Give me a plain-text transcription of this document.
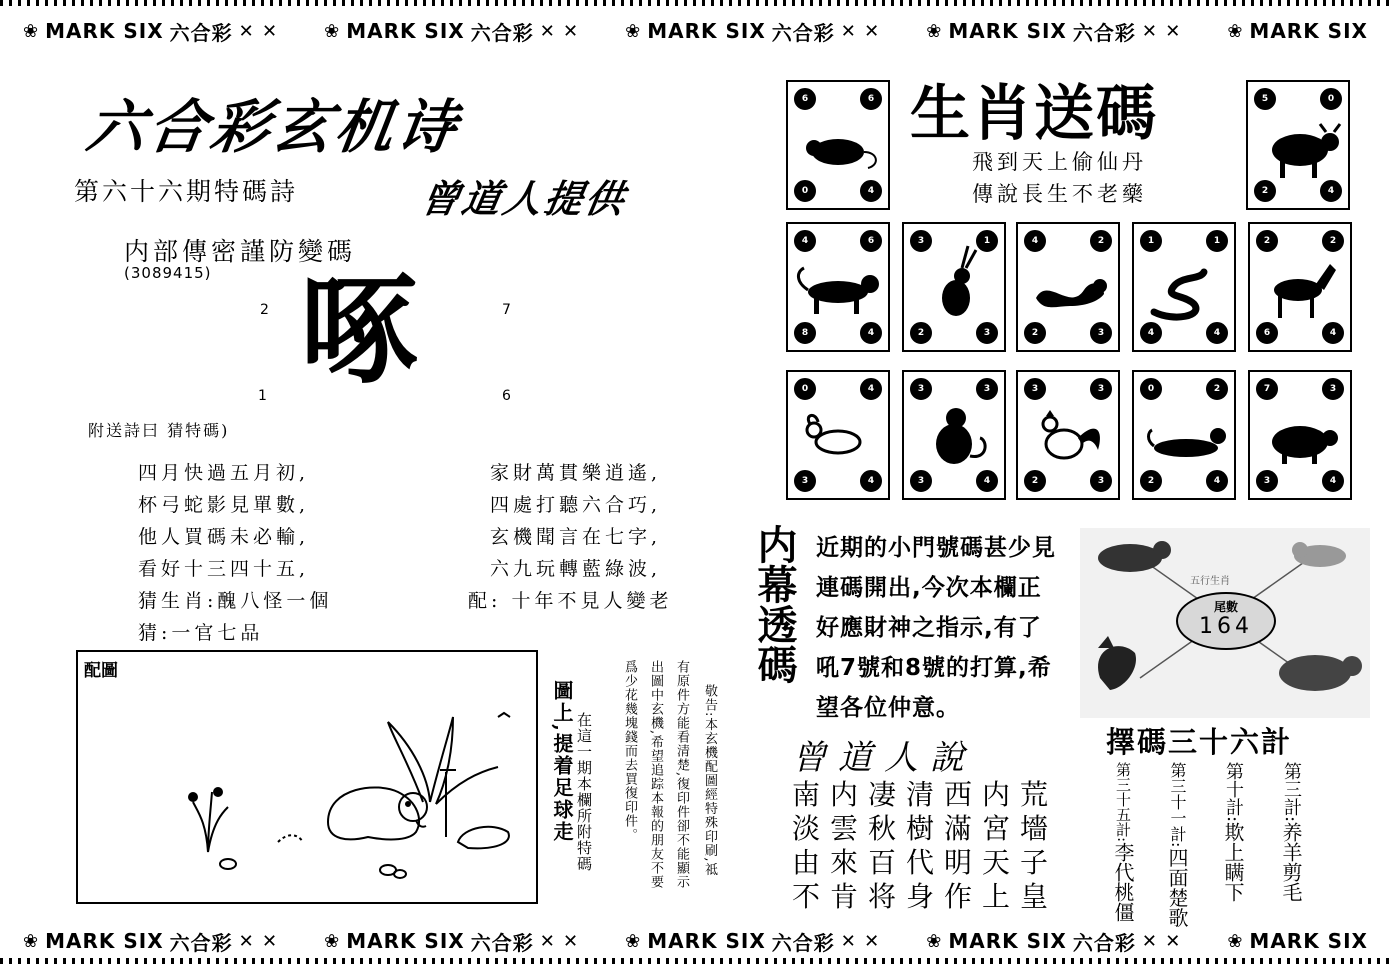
❀ MARK SIX 六合彩 ✕ ✕	❀ MARK SIX 六合彩 ✕ ✕	❀ MARK SIX 六合彩 ✕ ✕	❀ MARK SIX 六合彩 ✕ ✕	❀ MARK SIX
❀ MARK SIX 六合彩 ✕ ✕	❀ MARK SIX 六合彩 ✕ ✕	❀ MARK SIX 六合彩 ✕ ✕	❀ MARK SIX 六合彩 ✕ ✕	❀ MARK SIX
六合彩玄机诗
第六十六期特碼詩	曾道人提供
内部傳密謹防變碼
(3089415) 啄
2	7
1	6
附送詩曰 猜特碼)
四月快過五月初,
杯弓蛇影見單數,
他人買碼未必輸,
看好十三四十五,
猜生肖:醜八怪一個
猜:一官七品
家財萬貫樂逍遙,
四處打聽六合巧,
玄機聞言在七字,
六九玩轉藍綠波,
配: 十年不見人變老
配圖
圖上,提着足球走 在這一期本欄所附特碼 爲少花幾塊錢而去買復印件。 出圖中玄機,希望追踪本報的朋友不要 有原件方能看清楚,復印件卻不能顯示 敬告:本玄機配圖經特殊印刷,祗
生肖送碼
飛到天上偷仙丹
傳說長生不老藥
6	6
0	4
5	0
2	4
4	6
8	4
3	1
2	3
4	2
2	3
1	1
4	4
2	2
6	4
0	4
3	4
3	3
3	4
3	3
2	3
0	2
2	4
7	3
3	4
内幕透碼 近期的小門號碼甚少見
連碼開出,今次本欄正
好應財神之指示,有了
吼7號和8號的打算,希
望各位仲意。
尾數
164
五行生肖
曾道人說
南内凄清西内荒
淡雲秋樹滿宮墻
由來百代明天子
不肯将身作上皇
擇碼三十六計
第三計:养羊剪毛
第十計:欺上瞒下
第三十一計:四面楚歌
第三十五計:李代桃僵
